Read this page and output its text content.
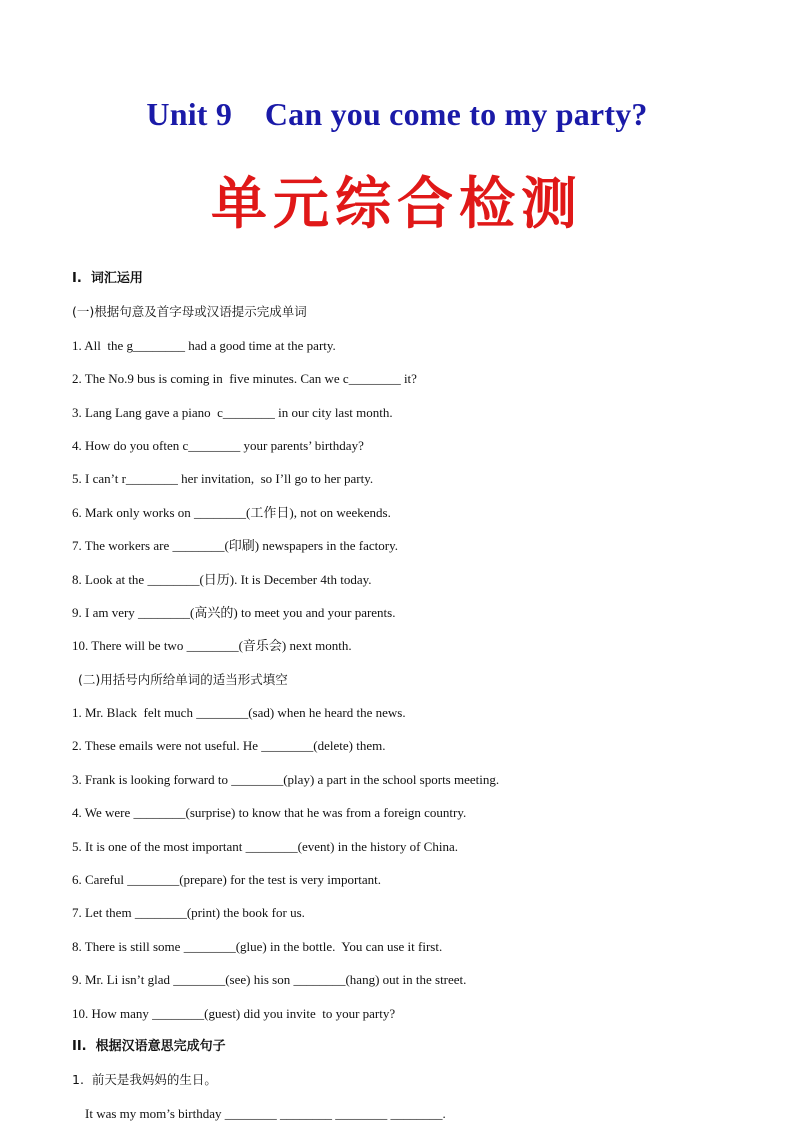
Unit 9    Can you come to my party?
单元综合检测
I.  词汇运用
(一)根据句意及首字母或汉语提示完成单词
1. All  the g________ had a good time at the party.
2. The No.9 bus is coming in  five minutes. Can we c________ it?
3. Lang Lang gave a piano  c________ in our city last month.
4. How do you often c________ your parents’ birthday?
5. I can’t r________ her invitation,  so I’ll go to her party.
6. Mark only works on ________(工作日), not on weekends.
7. The workers are ________(印刷) newspapers in the factory.
8. Look at the ________(日历). It is December 4th today.
9. I am very ________(高兴的) to meet you and your parents.
10. There will be two ________(音乐会) next month.
(二)用括号内所给单词的适当形式填空
1. Mr. Black  felt much ________(sad) when he heard the news.
2. These emails were not useful. He ________(delete) them.
3. Frank is looking forward to ________(play) a part in the school sports meeting.
4. We were ________(surprise) to know that he was from a foreign country.
5. It is one of the most important ________(event) in the history of China.
6. Careful ________(prepare) for the test is very important.
7. Let them ________(print) the book for us.
8. There is still some ________(glue) in the bottle.  You can use it first.
9. Mr. Li isn’t glad ________(see) his son ________(hang) out in the street.
10. How many ________(guest) did you invite  to your party?
II.  根据汉语意思完成句子
1.  前天是我妈妈的生日。
It was my mom’s birthday ________ ________ ________ ________.
